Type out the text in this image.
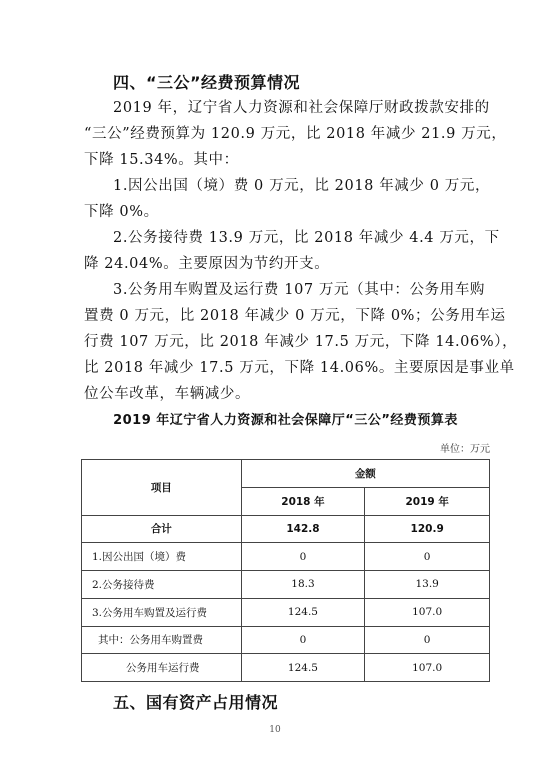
四、“三公”经费预算情况
2019 年，辽宁省人力资源和社会保障厅财政拨款安排的
“三公”经费预算为 120.9 万元，比 2018 年减少 21.9 万元，
下降 15.34%。其中：
1.因公出国（境）费 0 万元，比 2018 年减少 0 万元，
下降 0%。
2.公务接待费 13.9 万元，比 2018 年减少 4.4 万元，下
降 24.04%。主要原因为节约开支。
3.公务用车购置及运行费 107 万元（其中：公务用车购
置费 0 万元，比 2018 年减少 0 万元，下降 0%；公务用车运
行费 107 万元，比 2018 年减少 17.5 万元，下降 14.06%），
比 2018 年减少 17.5 万元，下降 14.06%。主要原因是事业单
位公车改革，车辆减少。
2019 年辽宁省人力资源和社会保障厅“三公”经费预算表
单位：万元
项目	金额	
	2018 年	2019 年
合计	142.8	120.9
1.因公出国（境）费	0	0
2.公务接待费	18.3	13.9
3.公务用车购置及运行费	124.5	107.0
其中：公务用车购置费	0	0
公务用车运行费	124.5	107.0
五、国有资产占用情况
10
